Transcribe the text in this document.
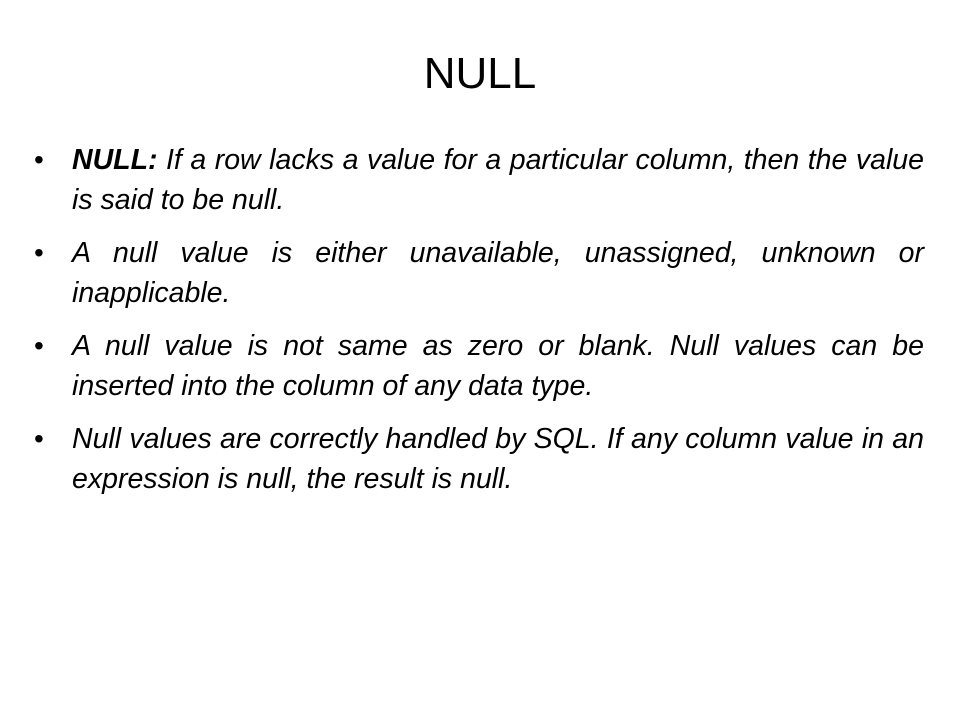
NULL
• NULL: If a row lacks a value for a particular column, then the value is said to be null.
• A null value is either unavailable, unassigned, unknown or inapplicable.
• A null value is not same as zero or blank. Null values can be inserted into the column of any data type.
• Null values are correctly handled by SQL. If any column value in an expression is null, the result is null.
